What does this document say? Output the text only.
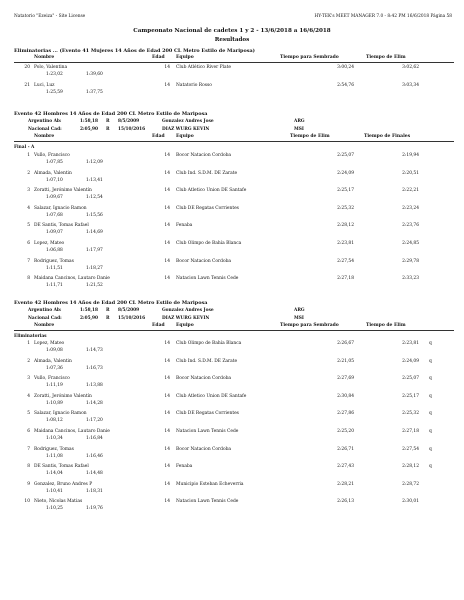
Natatorio "Ezeiza" - Site License	HY-TEK's MEET MANAGER 7.0 - 8:42 PM 16/6/2018 Página 58
Campeonato Nacional de cadetes 1 y 2 - 13/6/2018 a 16/6/2018
Resultados
Eliminatorias ... (Evento 41 Mujeres 14 Años de Edad 200 CL Metro Estilo de Mariposa)
Nombre	Edad	Equipo	Tiempo para Sembrado	Tiempo de Elim
20 Polo, Valentina	14 Club Atlético River Plate	3:00,24	3:02,62
1:23,02	1:39,60
21 Luci, Luz	14 Natatorio Rosso	2:54,76	3:03,34
1:25,59	1:37,75
Evento 42 Hombres 14 Años de Edad 200 CL Metro Estilo de Mariposa
Argentino Ab:	1:58,18 R 8/5/2009	Gonzalez Andres Jose	ARG
Nacional Cad:	2:05,90 R 15/10/2016	DIAZ WURG KEVIN	MSI
Nombre	Edad	Equipo	Tiempo de Elim	Tiempo de Finales
Final - A
1 Vullo, Francisco	14 Bocor Natacion Cordoba	2:25,07	2:19,94
1:07,85	1:12,09
2 Almada, Valentin	14 Club Ind. S.D.M. DE Zarate	2:24,09	2:20,51
1:07,10	1:13,41
3 Zoratti, Jerónimo Valentín	14 Club Atletico Union DE Santafe	2:25,17	2:22,21
1:09,67	1:12,54
4 Salazar, Ignacio Ramon	14 Club DE Regatas Corrientes	2:25,32	2:23,24
1:07,68	1:15,56
5 DE Santis, Tomas Rafael	14 Fenaba	2:28,12	2:23,76
1:09,07	1:14,69
6 Lopez, Mateo	14 Club Olimpo de Bahía Blanca	2:23,81	2:24,85
1:06,88	1:17,97
7 Rodriguez, Tomas	14 Bocor Natacion Cordoba	2:27,54	2:29,78
1:11,51	1:18,27
8 Maidana Cancinos, Lautaro Danie	14 Natacion Lawn Tennis Cede	2:27,18	2:33,23
1:11,71	1:21,52
Evento 42 Hombres 14 Años de Edad 200 CL Metro Estilo de Mariposa
Argentino Ab:	1:58,18 R 8/5/2009	Gonzalez Andres Jose	ARG
Nacional Cad:	2:05,90 R 15/10/2016	DIAZ WURG KEVIN	MSI
Nombre	Edad	Equipo	Tiempo para Sembrado	Tiempo de Elim
Eliminatorias
1 Lopez, Mateo	14 Club Olimpo de Bahía Blanca	2:26,67	2:23,81 q
1:09,08	1:14,73
2 Almada, Valentin	14 Club Ind. S.D.M. DE Zarate	2:21,05	2:24,09 q
1:07,36	1:16,73
3 Vullo, Francisco	14 Bocor Natacion Cordoba	2:27,69	2:25,07 q
1:11,19	1:13,88
4 Zoratti, Jerónimo Valentín	14 Club Atletico Union DE Santafe	2:30,84	2:25,17 q
1:10,89	1:14,28
5 Salazar, Ignacio Ramon	14 Club DE Regatas Corrientes	2:27,86	2:25,32 q
1:08,12	1:17,20
6 Maidana Cancinos, Lautaro Danie	14 Natacion Lawn Tennis Cede	2:25,20	2:27,18 q
1:10,34	1:16,84
7 Rodriguez, Tomas	14 Bocor Natacion Cordoba	2:26,71	2:27,54 q
1:11,08	1:16,46
8 DE Santis, Tomas Rafael	14 Fenaba	2:27,43	2:28,12 q
1:14,04	1:14,48
9 Gonzalez, Bruno Andres P	14 Municipio Esteban Echeverria	2:28,21	2:28,72
1:10,41	1:18,31
10 Nieto, Nicolas Matias	14 Natacion Lawn Tennis Cede	2:26,13	2:30,01
1:10,25	1:19,76
